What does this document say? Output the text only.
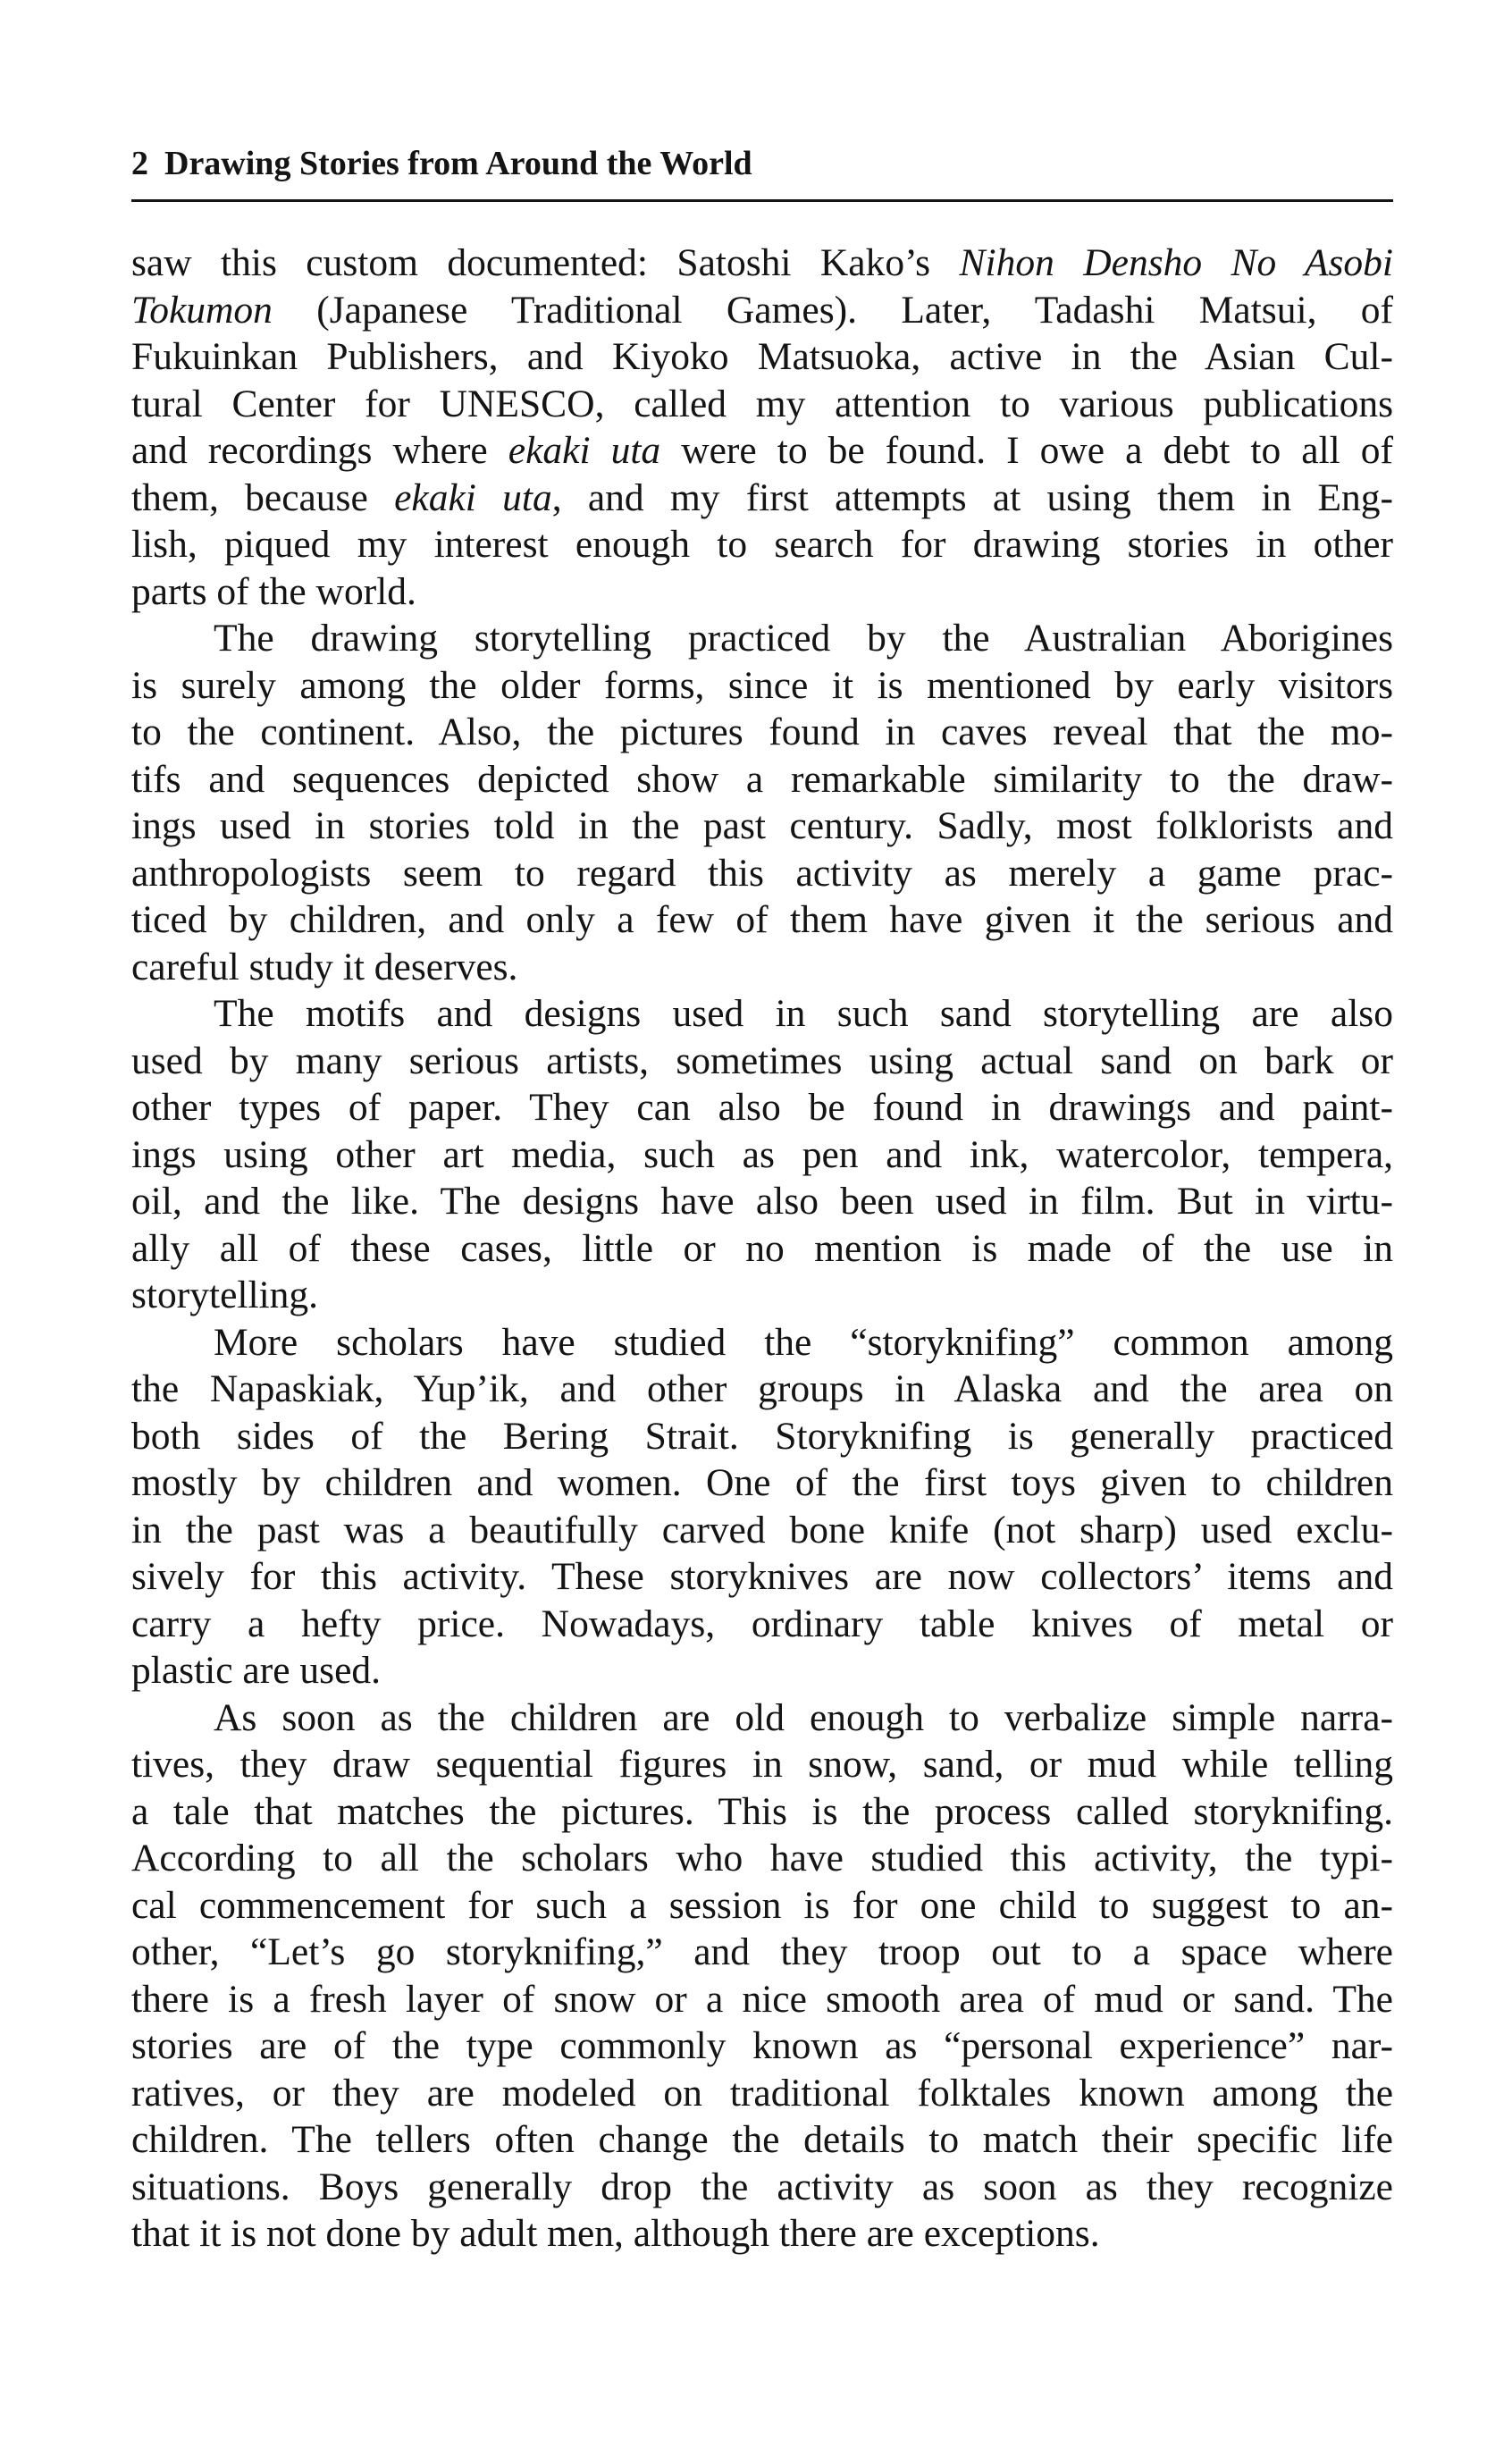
2 Drawing Stories from Around the World
saw this custom documented: Satoshi Kako’s Nihon Densho No Asobi
Tokumon (Japanese Traditional Games). Later, Tadashi Matsui, of
Fukuinkan Publishers, and Kiyoko Matsuoka, active in the Asian Cul-
tural Center for UNESCO, called my attention to various publications
and recordings where ekaki uta were to be found. I owe a debt to all of
them, because ekaki uta, and my first attempts at using them in Eng-
lish, piqued my interest enough to search for drawing stories in other
parts of the world.
The drawing storytelling practiced by the Australian Aborigines
is surely among the older forms, since it is mentioned by early visitors
to the continent. Also, the pictures found in caves reveal that the mo-
tifs and sequences depicted show a remarkable similarity to the draw-
ings used in stories told in the past century. Sadly, most folklorists and
anthropologists seem to regard this activity as merely a game prac-
ticed by children, and only a few of them have given it the serious and
careful study it deserves.
The motifs and designs used in such sand storytelling are also
used by many serious artists, sometimes using actual sand on bark or
other types of paper. They can also be found in drawings and paint-
ings using other art media, such as pen and ink, watercolor, tempera,
oil, and the like. The designs have also been used in film. But in virtu-
ally all of these cases, little or no mention is made of the use in
storytelling.
More scholars have studied the “storyknifing” common among
the Napaskiak, Yup’ik, and other groups in Alaska and the area on
both sides of the Bering Strait. Storyknifing is generally practiced
mostly by children and women. One of the first toys given to children
in the past was a beautifully carved bone knife (not sharp) used exclu-
sively for this activity. These storyknives are now collectors’ items and
carry a hefty price. Nowadays, ordinary table knives of metal or
plastic are used.
As soon as the children are old enough to verbalize simple narra-
tives, they draw sequential figures in snow, sand, or mud while telling
a tale that matches the pictures. This is the process called storyknifing.
According to all the scholars who have studied this activity, the typi-
cal commencement for such a session is for one child to suggest to an-
other, “Let’s go storyknifing,” and they troop out to a space where
there is a fresh layer of snow or a nice smooth area of mud or sand. The
stories are of the type commonly known as “personal experience” nar-
ratives, or they are modeled on traditional folktales known among the
children. The tellers often change the details to match their specific life
situations. Boys generally drop the activity as soon as they recognize
that it is not done by adult men, although there are exceptions.
